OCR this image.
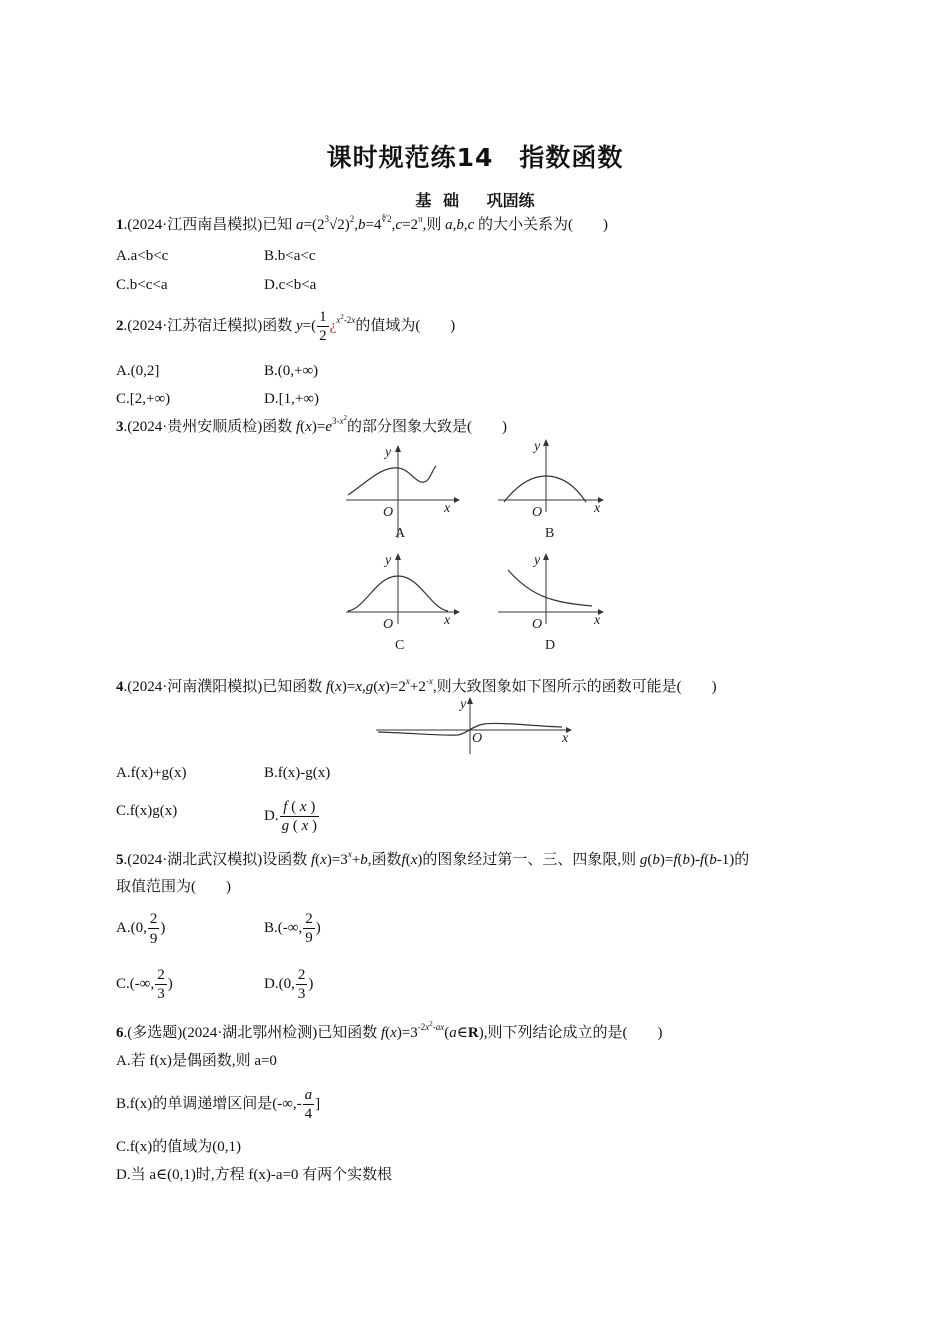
课时规范练14　指数函数
基 础　 巩固练
1.(2024·江西南昌模拟)已知 $a=(2^3√2)^2,b=4^{∜2},c=2^\pi$,则 a,b,c 的大小关系为(　　)
A.a<b<c	B.b<a<c
C.b<c<a	D.c<b<a
2.(2024·江苏宿迁模拟)函数 $y=( \frac{1}{2}$ ¿$^{x^2-2x}$的值域为(　　)
A.(0,2]	B.(0,+∞)
C.[2,+∞)	D.[1,+∞)
3.(2024·贵州安顺质检)函数 $f(x)=e^{3-x^2}$的部分图象大致是(　　)
y
x
O
A
y
x
O
B
y
x
O
C
y
x
O
D
4.(2024·河南濮阳模拟)已知函数 $f(x)=x,g(x)=2^x+2^{-x}$,则大致图象如下图所示的函数可能是(　　)
y
x
O
A.f(x)+g(x)	B.f(x)-g(x)
C.f(x)g(x)	D. $\frac{f ( x )}{g ( x )}$
5.(2024·湖北武汉模拟)设函数 $f(x)=3^x+b$,函数f(x)的图象经过第一、三、四象限,则 g(b)=f(b)-f(b-1)的
取值范围为(　　)
A.(0, $\frac{2}{9}$ )	B.(-∞, $\frac{2}{9}$ )
C.(-∞, $\frac{2}{3}$ )	D.(0, $\frac{2}{3}$ )
6.(多选题)(2024·湖北鄂州检测)已知函数 $f(x)=3^{-2x^2-ax}(a\in R)$,则下列结论成立的是(　　)
A.若 f(x)是偶函数,则 a=0
B.f(x)的单调递增区间是(-∞,- $\frac{a}{4}$ ]
C.f(x)的值域为(0,1)
D.当 a∈(0,1)时,方程 f(x)-a=0 有两个实数根
